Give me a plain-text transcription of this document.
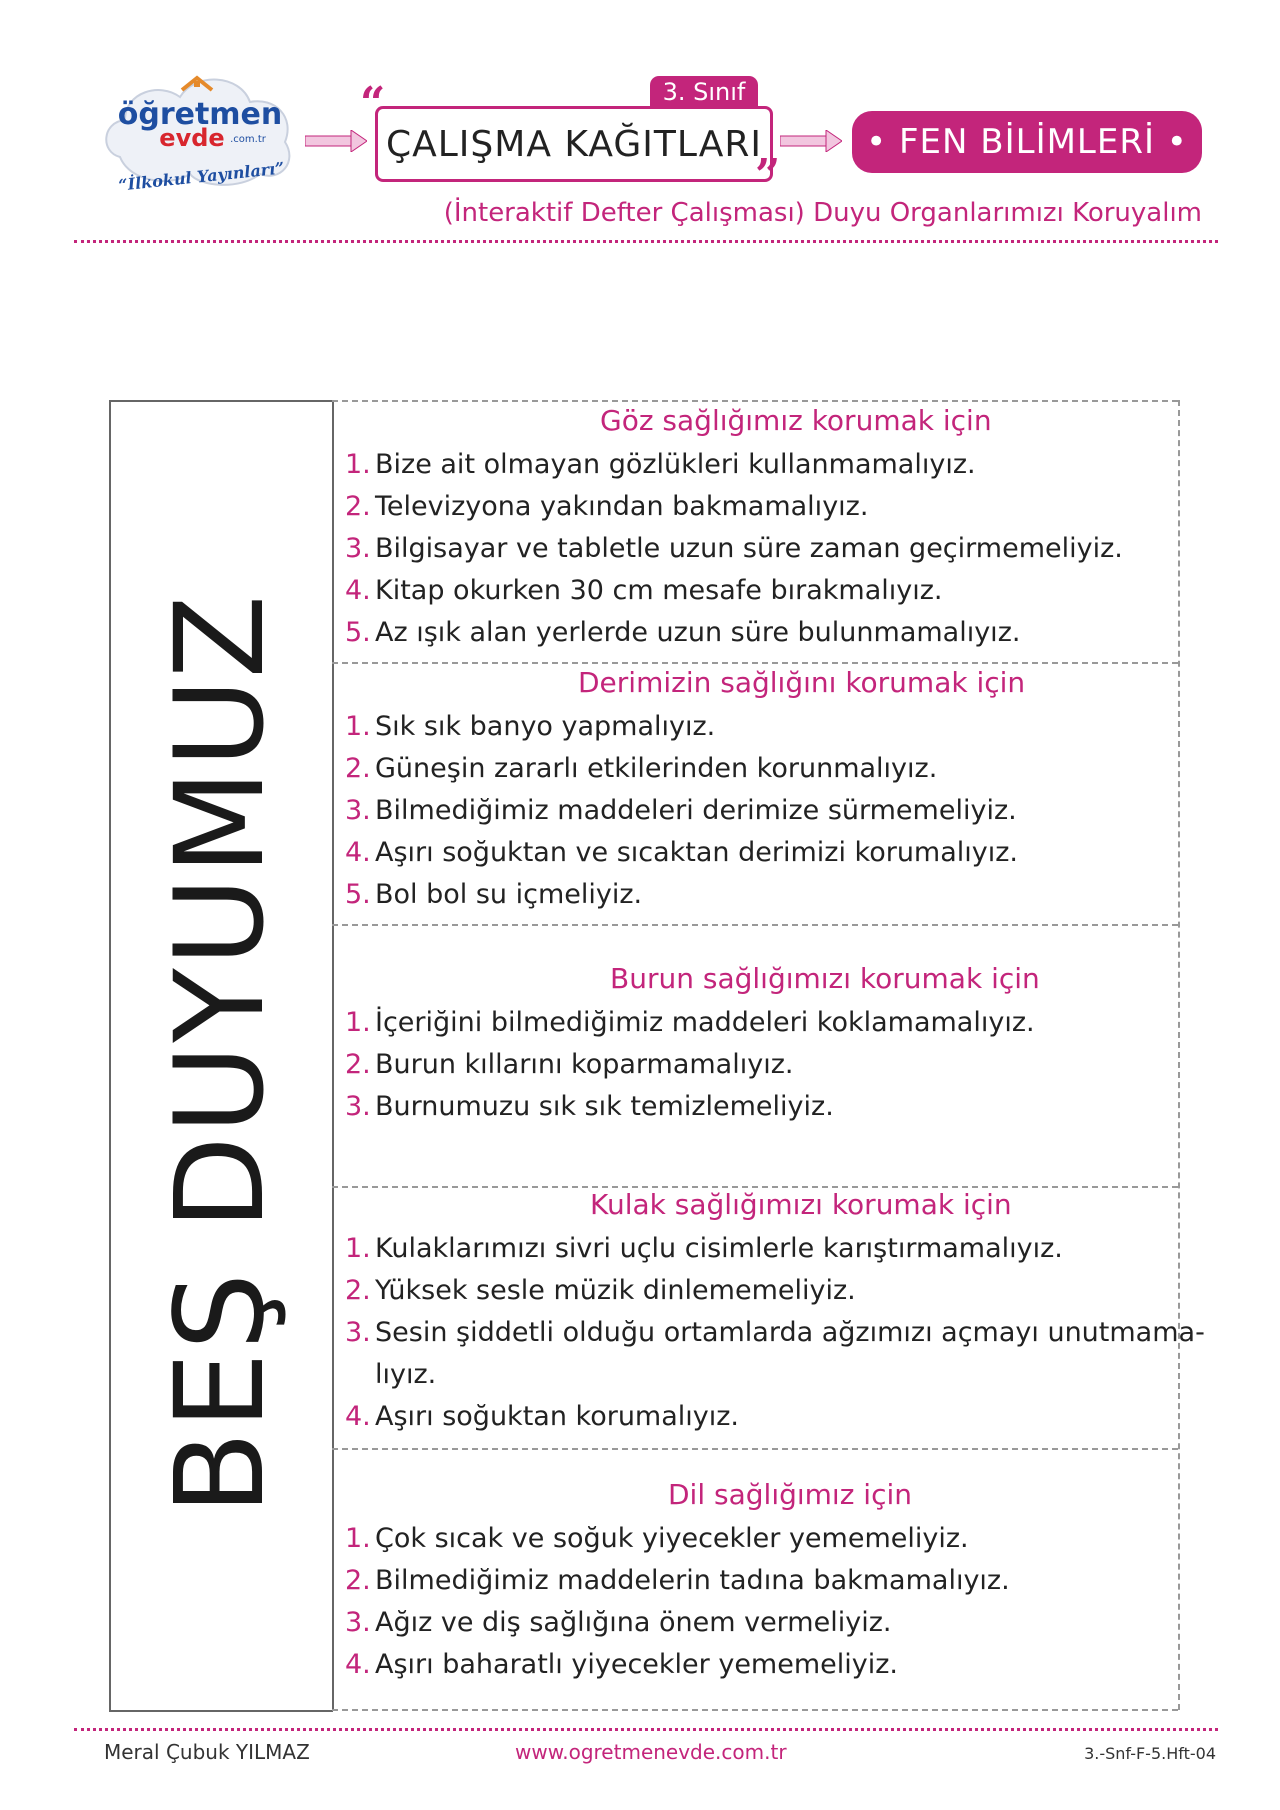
öğretmen
evde .com.tr
“İlkokul Yayınları”
3. Sınıf
ÇALIŞMA KAĞITLARI
“
”
• FEN BİLİMLERİ •
(İnteraktif Defter Çalışması) Duyu Organlarımızı Koruyalım
BEŞ DUYUMUZ
Göz sağlığımız korumak için
1. Bize ait olmayan gözlükleri kullanmamalıyız.
2. Televizyona yakından bakmamalıyız.
3. Bilgisayar ve tabletle uzun süre zaman geçirmemeliyiz.
4. Kitap okurken 30 cm mesafe bırakmalıyız.
5. Az ışık alan yerlerde uzun süre bulunmamalıyız.
Derimizin sağlığını korumak için
1. Sık sık banyo yapmalıyız.
2. Güneşin zararlı etkilerinden korunmalıyız.
3. Bilmediğimiz maddeleri derimize sürmemeliyiz.
4. Aşırı soğuktan ve sıcaktan derimizi korumalıyız.
5. Bol bol su içmeliyiz.
Burun sağlığımızı korumak için
1. İçeriğini bilmediğimiz maddeleri koklamamalıyız.
2. Burun kıllarını koparmamalıyız.
3. Burnumuzu sık sık temizlemeliyiz.
Kulak sağlığımızı korumak için
1. Kulaklarımızı sivri uçlu cisimlerle karıştırmamalıyız.
2. Yüksek sesle müzik dinlememeliyiz.
3. Sesin şiddetli olduğu ortamlarda ağzımızı açmayı unutmama-
lıyız.
4. Aşırı soğuktan korumalıyız.
Dil sağlığımız için
1. Çok sıcak ve soğuk yiyecekler yememeliyiz.
2. Bilmediğimiz maddelerin tadına bakmamalıyız.
3. Ağız ve diş sağlığına önem vermeliyiz.
4. Aşırı baharatlı yiyecekler yememeliyiz.
Meral Çubuk YILMAZ	www.ogretmenevde.com.tr	3.-Snf-F-5.Hft-04
